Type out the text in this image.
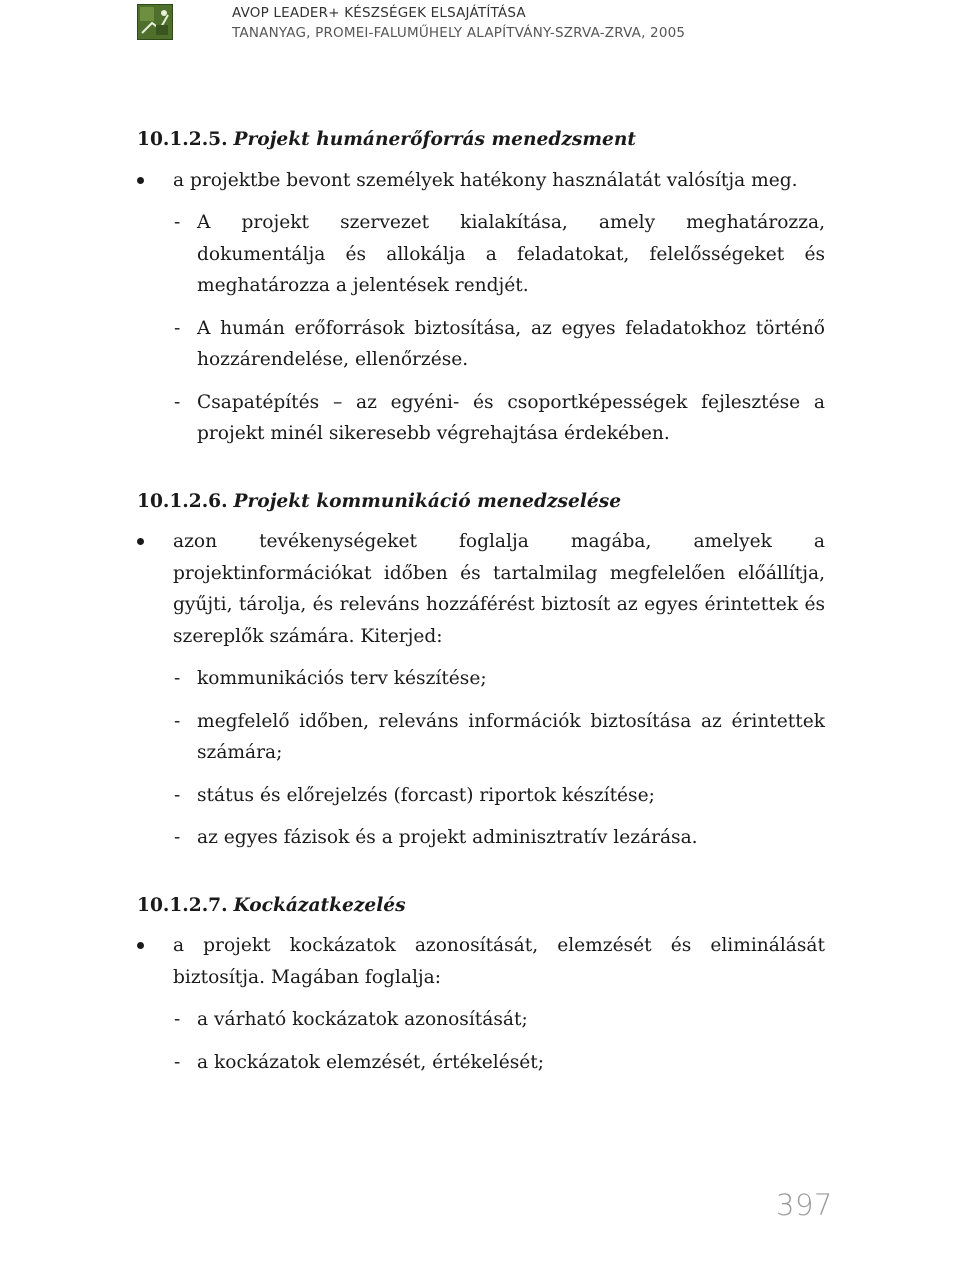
AVOP LEADER+ KÉSZSÉGEK ELSAJÁTÍTÁSA
TANANYAG, PROMEI-FALUMŰHELY ALAPÍTVÁNY-SZRVA-ZRVA, 2005
10.1.2.5. Projekt humánerőforrás menedzsment
a projektbe bevont személyek hatékony használatát valósítja meg.
- A projekt szervezet kialakítása, amely meghatározza, dokumentálja és allokálja a feladatokat, felelősségeket és meghatározza a jelentések rendjét.
- A humán erőforrások biztosítása, az egyes feladatokhoz történő hozzárendelése, ellenőrzése.
- Csapatépítés – az egyéni- és csoportképességek fejlesztése a projekt minél sikeresebb végrehajtása érdekében.
10.1.2.6. Projekt kommunikáció menedzselése
azon tevékenységeket foglalja magába, amelyek a projektinformációkat időben és tartalmilag megfelelően előállítja, gyűjti, tárolja, és releváns hozzáférést biztosít az egyes érintettek és szereplők számára. Kiterjed:
- kommunikációs terv készítése;
- megfelelő időben, releváns információk biztosítása az érintettek számára;
- státus és előrejelzés (forcast) riportok készítése;
- az egyes fázisok és a projekt adminisztratív lezárása.
10.1.2.7. Kockázatkezelés
a projekt kockázatok azonosítását, elemzését és eliminálását biztosítja. Magában foglalja:
- a várható kockázatok azonosítását;
- a kockázatok elemzését, értékelését;
397
